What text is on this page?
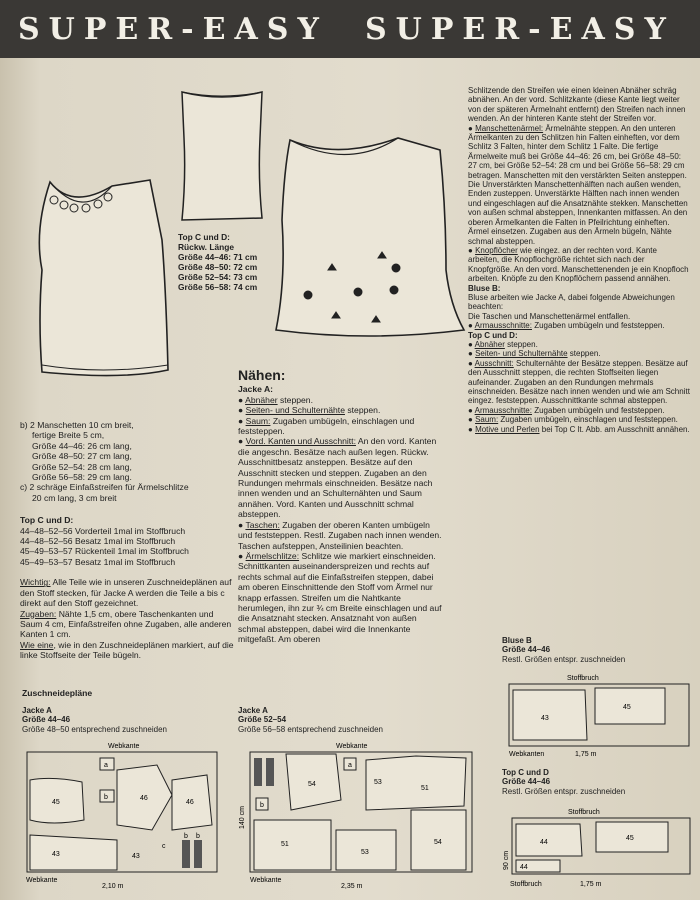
SUPER-EASY SUPER-EASY

Top C und D:

Rückw. Länge

Größe 44–46: 71 cm

Größe 48–50: 72 cm

Größe 52–54: 73 cm

Größe 56–58: 74 cm

b) 2 Manschetten 10 cm breit,

fertige Breite 5 cm,

Größe 44–46: 26 cm lang,

Größe 48–50: 27 cm lang,

Größe 52–54: 28 cm lang,

Größe 56–58: 29 cm lang.

c) 2 schräge Einfaßstreifen für Ärmelschlitze

20 cm lang, 3 cm breit

Top C und D:

44–48–52–56 Vorderteil 1mal im Stoffbruch

44–48–52–56 Besatz 1mal im Stoffbruch

45–49–53–57 Rückenteil 1mal im Stoffbruch

45–49–53–57 Besatz 1mal im Stoffbruch

Wichtig: Alle Teile wie in unseren Zuschneideplänen auf den Stoff stecken, für Jacke A werden die Teile a bis c direkt auf den Stoff gezeichnet.

Zugaben: Nähte 1,5 cm, obere Taschenkanten und Saum 4 cm, Einfaßstreifen ohne Zugaben, alle anderen Kanten 1 cm.

Wie eine, wie in den Zuschneideplänen markiert, auf die linke Stoffseite der Teile bügeln.

Nähen:

Jacke A:

● Abnäher steppen.

● Seiten- und Schulternähte steppen.

● Saum: Zugaben umbügeln, einschlagen und feststeppen.

● Vord. Kanten und Ausschnitt: An den vord. Kanten die angeschn. Besätze nach außen legen. Rückw. Ausschnittbesatz ansteppen. Besätze auf den Ausschnitt stecken und steppen. Zugaben an den Rundungen mehrmals einschneiden. Besätze nach innen wenden und an Schulternähten und Saum annähen. Vord. Kanten und Ausschnitt schmal absteppen.

● Taschen: Zugaben der oberen Kanten umbügeln und feststeppen. Restl. Zugaben nach innen wenden. Taschen aufsteppen, Ansteilinien beachten.

● Ärmelschlitze: Schlitze wie markiert einschneiden. Schnittkanten auseinanderspreizen und rechts auf rechts schmal auf die Einfaßstreifen steppen, dabei am oberen Einschnittende den Stoff vom Ärmel nur knapp erfassen. Streifen um die Nahtkante herumlegen, ihn zur ¾ cm Breite einschlagen und auf die Ansatznaht stecken. Ansatznaht von außen schmal absteppen, dabei wird die Innenkante mitgefaßt. Am oberen

Schlitzende den Streifen wie einen kleinen Abnäher schräg abnähen. An der vord. Schlitzkante (diese Kante liegt weiter von der späteren Ärmelnaht entfernt) den Streifen nach innen wenden. An der hinteren Kante steht der Streifen vor.

● Manschettenärmel: Ärmelnähte steppen. An den unteren Ärmelkanten zu den Schlitzen hin Falten einheften, vor dem Schlitz 3 Falten, hinter dem Schlitz 1 Falte. Die fertige Ärmelweite muß bei Größe 44–46: 26 cm, bei Größe 48–50: 27 cm, bei Größe 52–54: 28 cm und bei Größe 56–58: 29 cm betragen. Manschetten mit den verstärkten Seiten ansteppen. Die Unverstärkten Manschettenhälften nach außen wenden, Enden zusteppen. Unverstärkte Hälften nach innen wenden und eingeschlagen auf die Ansatznähte stekken. Manschetten von außen schmal absteppen, Innenkanten mitfassen. An den oberen Ärmelkanten die Falten in Pfeilrichtung einheften. Ärmel einsetzen. Zugaben aus den Ärmeln bügeln, Nähte schmal absteppen.

● Knopflöcher wie eingez. an der rechten vord. Kante arbeiten, die Knopflochgröße richtet sich nach der Knopfgröße. An den vord. Manschettenenden je ein Knopfloch arbeiten. Knöpfe zu den Knopflöchern passend annähen.

Bluse B:

Bluse arbeiten wie Jacke A, dabei folgende Abweichungen beachten:

Die Taschen und Manschettenärmel entfallen.

● Armausschnitte: Zugaben umbügeln und feststeppen.

Top C und D:

● Abnäher steppen.

● Seiten- und Schulternähte steppen.

● Ausschnitt: Schulternähte der Besätze steppen. Besätze auf den Ausschnitt steppen, die rechten Stoffseiten liegen aufeinander. Zugaben an den Rundungen mehrmals einschneiden. Besätze nach innen wenden und wie am Schnitt eingez. feststeppen. Ausschnittkante schmal absteppen.

● Armausschnitte: Zugaben umbügeln und feststeppen.

● Saum: Zugaben umbügeln, einschlagen und feststeppen.

● Motive und Perlen bei Top C lt. Abb. am Ausschnitt annähen.

Zuschneidepläne

Jacke A

Größe 44–46

Größe 48–50 entsprechend zuschneiden

Jacke A

Größe 52–54

Größe 56–58 entsprechend zuschneiden

Bluse B

Größe 44–46

Restl. Größen entspr. zuschneiden

Top C und D

Größe 44–46

Restl. Größen entspr. zuschneiden

Webkante
a
b
45
46
46
43	43
c
b b
Webkante
2,10 m
Webkante
140 cm
54	53
51
51
53
54
a
b
Webkante
2,35 m
Stoffbruch
43
45
Webkanten	1,75 m
Stoffbruch
90 cm
44
45
44
Stoffbruch	1,75 m
